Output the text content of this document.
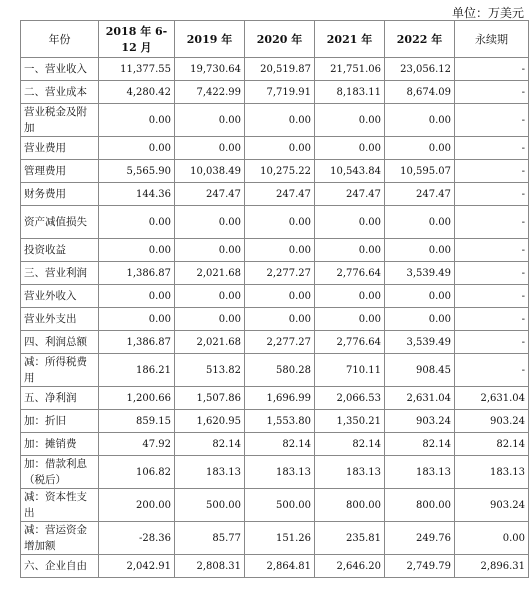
单位：万美元
年份	2018 年 6-12 月	2019 年	2020 年	2021 年	2022 年	永续期
一、营业收入	11,377.55	19,730.64	20,519.87	21,751.06	23,056.12	-
二、营业成本	4,280.42	7,422.99	7,719.91	8,183.11	8,674.09	-
营业税金及附加	0.00	0.00	0.00	0.00	0.00	-
营业费用	0.00	0.00	0.00	0.00	0.00	-
管理费用	5,565.90	10,038.49	10,275.22	10,543.84	10,595.07	-
财务费用	144.36	247.47	247.47	247.47	247.47	-
资产减值损失	0.00	0.00	0.00	0.00	0.00	-
投资收益	0.00	0.00	0.00	0.00	0.00	-
三、营业利润	1,386.87	2,021.68	2,277.27	2,776.64	3,539.49	-
营业外收入	0.00	0.00	0.00	0.00	0.00	-
营业外支出	0.00	0.00	0.00	0.00	0.00	-
四、利润总额	1,386.87	2,021.68	2,277.27	2,776.64	3,539.49	-
减：所得税费用	186.21	513.82	580.28	710.11	908.45	-
五、净利润	1,200.66	1,507.86	1,696.99	2,066.53	2,631.04	2,631.04
加：折旧	859.15	1,620.95	1,553.80	1,350.21	903.24	903.24
加：摊销费	47.92	82.14	82.14	82.14	82.14	82.14
加：借款利息（税后）	106.82	183.13	183.13	183.13	183.13	183.13
减：资本性支出	200.00	500.00	500.00	800.00	800.00	903.24
减：营运资金增加额	-28.36	85.77	151.26	235.81	249.76	0.00
六、企业自由	2,042.91	2,808.31	2,864.81	2,646.20	2,749.79	2,896.31
